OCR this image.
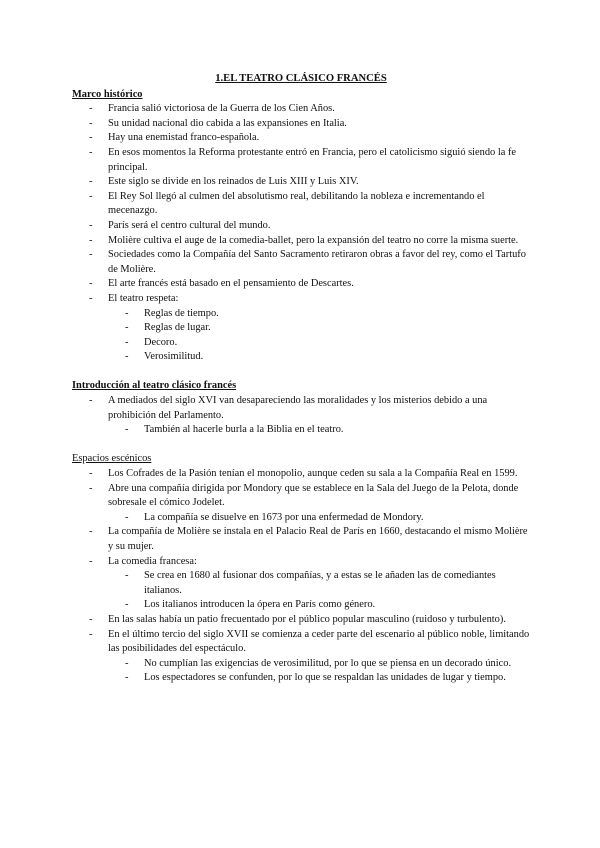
1.EL TEATRO CLÁSICO FRANCÉS

Marco histórico

- Francia salió victoriosa de la Guerra de los Cien Años.
- Su unidad nacional dio cabida a las expansiones en Italia.
- Hay una enemistad franco-española.
- En esos momentos la Reforma protestante entró en Francia, pero el catolicismo siguió siendo la fe principal.
- Este siglo se divide en los reinados de Luis XIII y Luis XIV.
- El Rey Sol llegó al culmen del absolutismo real, debilitando la nobleza e incrementando el mecenazgo.
- París será el centro cultural del mundo.
- Molière cultiva el auge de la comedia-ballet, pero la expansión del teatro no corre la misma suerte.
- Sociedades como la Compañía del Santo Sacramento retiraron obras a favor del rey, como el Tartufo de Molière.
- El arte francés está basado en el pensamiento de Descartes.
- El teatro respeta:
- Reglas de tiempo.
- Reglas de lugar.
- Decoro.
- Verosimilitud.

Introducción al teatro clásico francés

- A mediados del siglo XVI van desapareciendo las moralidades y los misterios debido a una prohibición del Parlamento.
- También al hacerle burla a la Biblia en el teatro.

Espacios escénicos

- Los Cofrades de la Pasión tenían el monopolio, aunque ceden su sala a la Compañía Real en 1599.
- Abre una compañía dirigida por Mondory que se establece en la Sala del Juego de la Pelota, donde sobresale el cómico Jodelet.
- La compañía se disuelve en 1673 por una enfermedad de Mondory.
- La compañía de Molière se instala en el Palacio Real de París en 1660, destacando el mismo Molière y su mujer.
- La comedia francesa:
- Se crea en 1680 al fusionar dos compañías, y a estas se le añaden las de comediantes italianos.
- Los italianos introducen la ópera en París como género.
- En las salas había un patio frecuentado por el público popular masculino (ruidoso y turbulento).
- En el último tercio del siglo XVII se comienza a ceder parte del escenario al público noble, limitando las posibilidades del espectáculo.
- No cumplían las exigencias de verosimilitud, por lo que se piensa en un decorado único.
- Los espectadores se confunden, por lo que se respaldan las unidades de lugar y tiempo.
